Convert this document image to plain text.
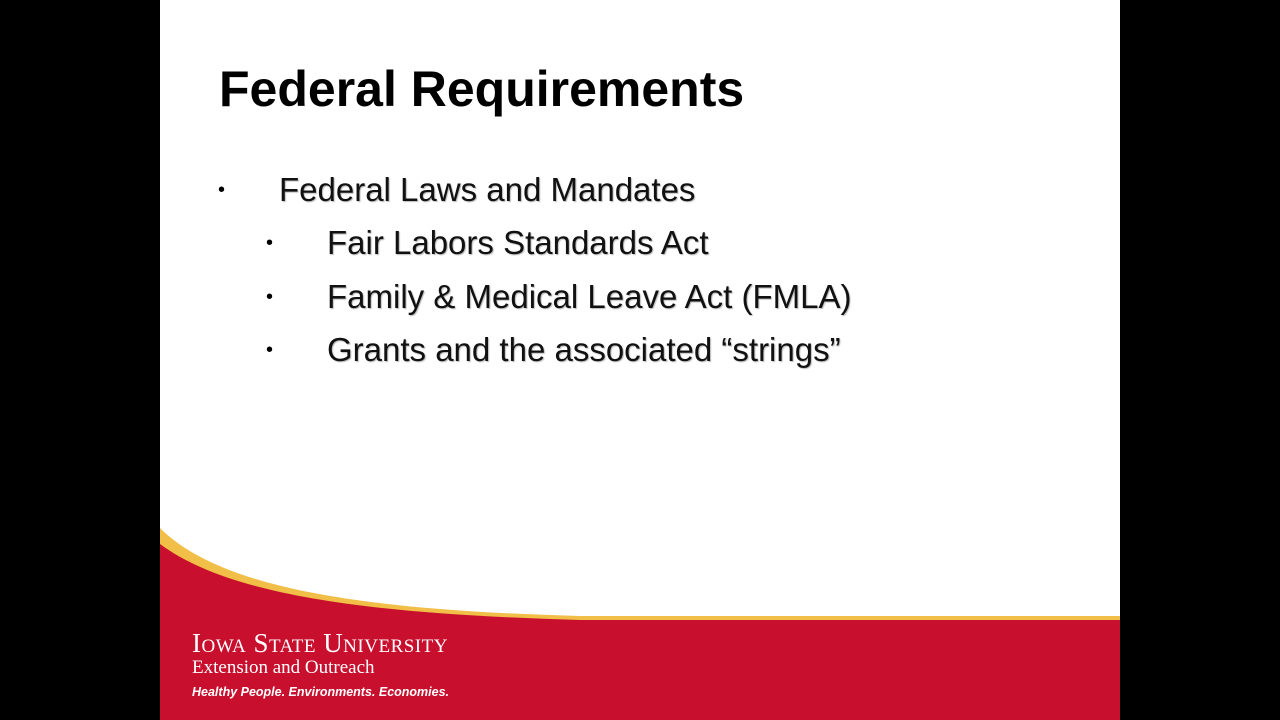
Federal Requirements
• Federal Laws and Mandates
• Fair Labors Standards Act
• Family & Medical Leave Act (FMLA)
• Grants and the associated “strings”
Iowa State University
Extension and Outreach
Healthy People. Environments. Economies.
